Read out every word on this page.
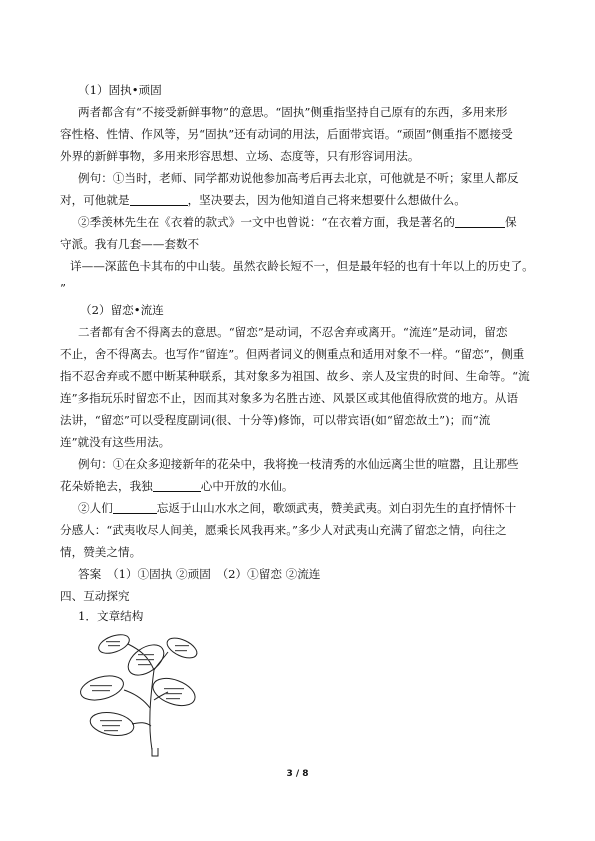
（1）固执•顽固
两者都含有“不接受新鲜事物”的意思。“固执”侧重指坚持自己原有的东西，多用来形
容性格、性情、作风等，另“固执”还有动词的用法，后面带宾语。“顽固”侧重指不愿接受
外界的新鲜事物，多用来形容思想、立场、态度等，只有形容词用法。
例句：①当时，老师、同学都劝说他参加高考后再去北京，可他就是不听；家里人都反
对，可他就是	，坚决要去，因为他知道自己将来想要什么想做什么。
②季羡林先生在《衣着的款式》一文中也曾说：“在衣着方面，我是著名的	保
守派。我有几套——套数不
详——深蓝色卡其布的中山装。虽然衣龄长短不一，但是最年轻的也有十年以上的历史了。
”
（2）留恋•流连
二者都有舍不得离去的意思。“留恋”是动词，不忍舍弃或离开。“流连”是动词，留恋
不止，舍不得离去。也写作“留连”。但两者词义的侧重点和适用对象不一样。“留恋”，侧重
指不忍舍弃或不愿中断某种联系，其对象多为祖国、故乡、亲人及宝贵的时间、生命等。“流
连”多指玩乐时留恋不止，因而其对象多为名胜古迹、风景区或其他值得欣赏的地方。从语
法讲，“留恋”可以受程度副词(很、十分等)修饰，可以带宾语(如“留恋故土”)；而“流
连”就没有这些用法。
例句：①在众多迎接新年的花朵中，我将挽一枝清秀的水仙远离尘世的喧嚣，且让那些
花朵娇艳去，我独	心中开放的水仙。
②人们	忘返于山山水水之间，歌颂武夷，赞美武夷。刘白羽先生的直抒情怀十
分感人：“武夷收尽人间美，愿乘长风我再来。”多少人对武夷山充满了留恋之情，向往之
情，赞美之情。
答案　（1）①固执 ②顽固　（2）①留恋 ②流连
四、互动探究
1．文章结构
3 / 8
